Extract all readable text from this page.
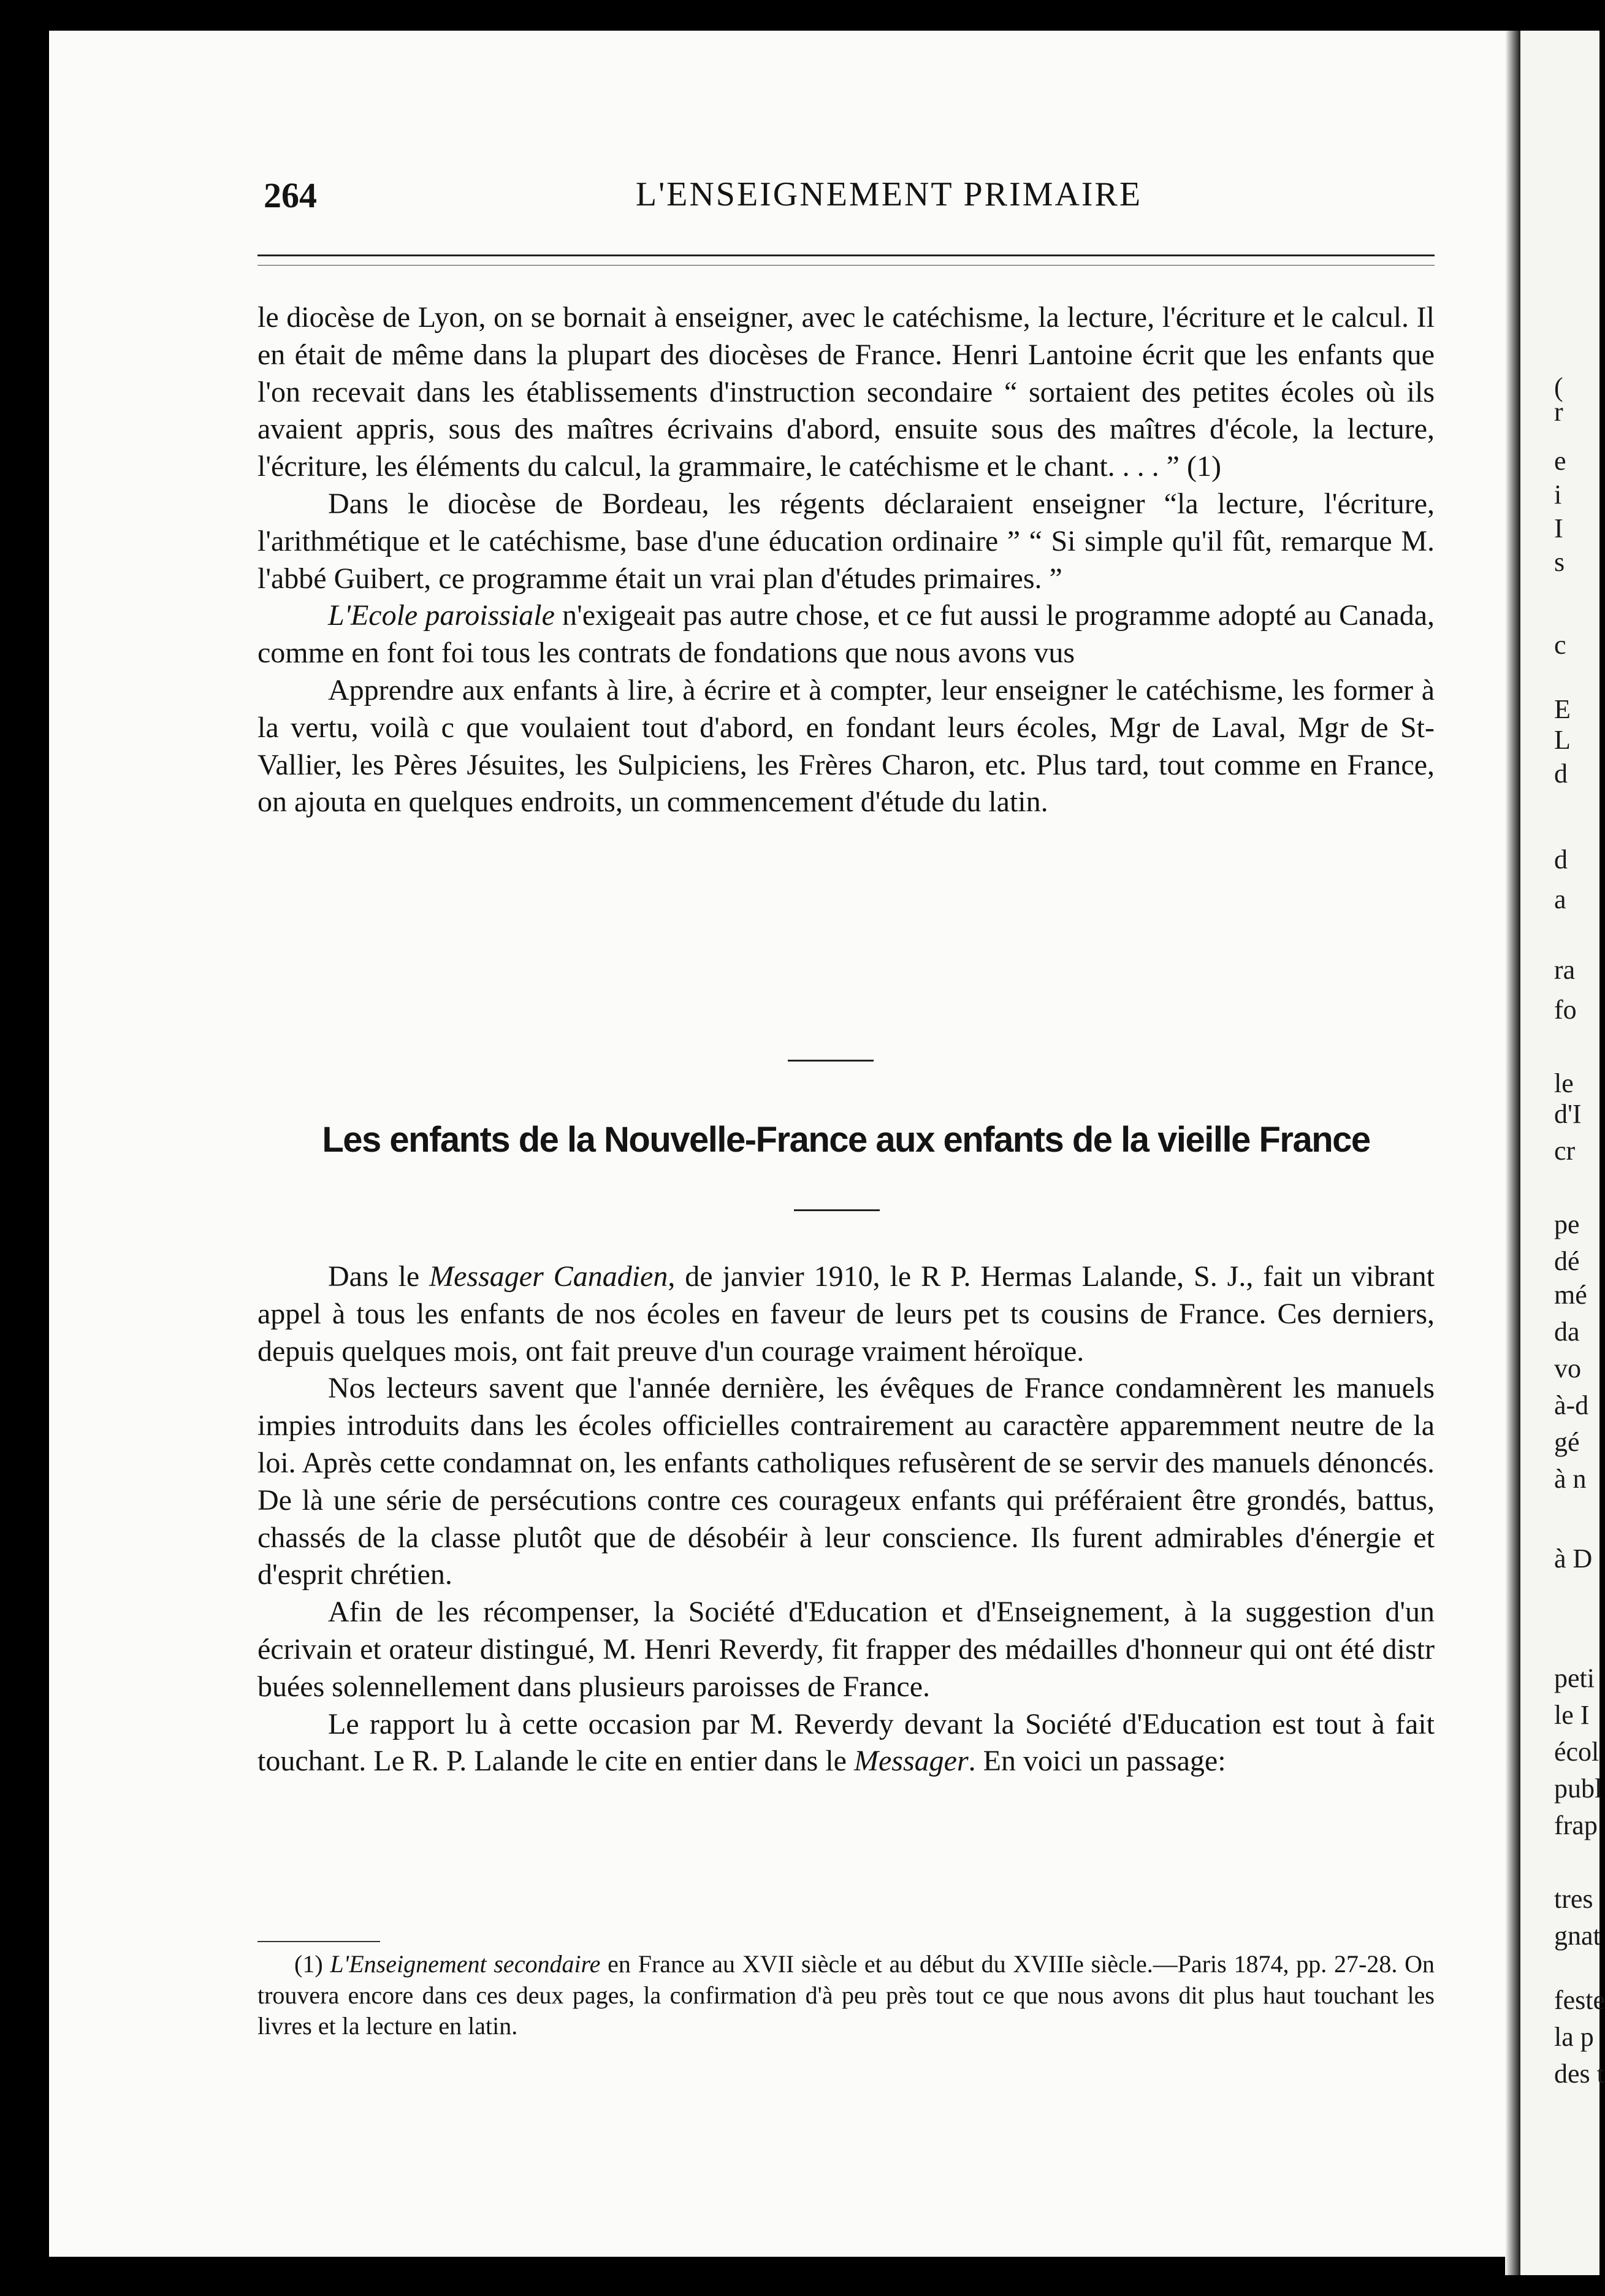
264	L'ENSEIGNEMENT PRIMAIRE

le diocèse de Lyon, on se bornait à enseigner, avec le catéchisme, la lecture, l'écriture et le calcul. Il en était de même dans la plupart des diocèses de France. Henri Lantoine écrit que les enfants que l'on recevait dans les établissements d'instruction secondaire “ sortaient des petites écoles où ils avaient appris, sous des maîtres écrivains d'abord, ensuite sous des maîtres d'école, la lecture, l'écriture, les éléments du calcul, la grammaire, le catéchisme et le chant. . . . ” (1)

Dans le diocèse de Bordeau, les régents déclaraient enseigner “la lecture, l'écriture, l'arithmétique et le catéchisme, base d'une éducation ordinaire ” “ Si simple qu'il fût, remarque M. l'abbé Guibert, ce programme était un vrai plan d'études primaires. ”

L'Ecole paroissiale n'exigeait pas autre chose, et ce fut aussi le programme adopté au Canada, comme en font foi tous les contrats de fondations que nous avons vus

Apprendre aux enfants à lire, à écrire et à compter, leur enseigner le catéchisme, les former à la vertu, voilà c que voulaient tout d'abord, en fondant leurs écoles, Mgr de Laval, Mgr de St-Vallier, les Pères Jésuites, les Sulpiciens, les Frères Charon, etc. Plus tard, tout comme en France, on ajouta en quelques endroits, un commencement d'étude du latin.

Les enfants de la Nouvelle-France aux enfants de la vieille France

Dans le Messager Canadien, de janvier 1910, le R P. Hermas Lalande, S. J., fait un vibrant appel à tous les enfants de nos écoles en faveur de leurs pet ts cousins de France. Ces derniers, depuis quelques mois, ont fait preuve d'un courage vraiment héroïque.

Nos lecteurs savent que l'année dernière, les évêques de France condamnèrent les manuels impies introduits dans les écoles officielles contrairement au caractère apparemment neutre de la loi. Après cette condamnat on, les enfants catholiques refusèrent de se servir des manuels dénoncés. De là une série de persécutions contre ces courageux enfants qui préféraient être grondés, battus, chassés de la classe plutôt que de désobéir à leur conscience. Ils furent admirables d'énergie et d'esprit chrétien.

Afin de les récompenser, la Société d'Education et d'Enseignement, à la suggestion d'un écrivain et orateur distingué, M. Henri Reverdy, fit frapper des médailles d'honneur qui ont été distr buées solennellement dans plusieurs paroisses de France.

Le rapport lu à cette occasion par M. Reverdy devant la Société d'Education est tout à fait touchant. Le R. P. Lalande le cite en entier dans le Messager. En voici un passage:

(1) L'Enseignement secondaire en France au XVII siècle et au début du XVIIIe siècle.—Paris 1874, pp. 27-28. On trouvera encore dans ces deux pages, la confirmation d'à peu près tout ce que nous avons dit plus haut touchant les livres et la lecture en latin.

(
r
e
i
I
s
c
E
L
d
d
a
ra
fo
le
d'I
cr
pe
dé
mé
da
vo
à-d
gé
à n
à D
peti
le I
écol
publ
frap
tres
gnat
feste
la p
des t
